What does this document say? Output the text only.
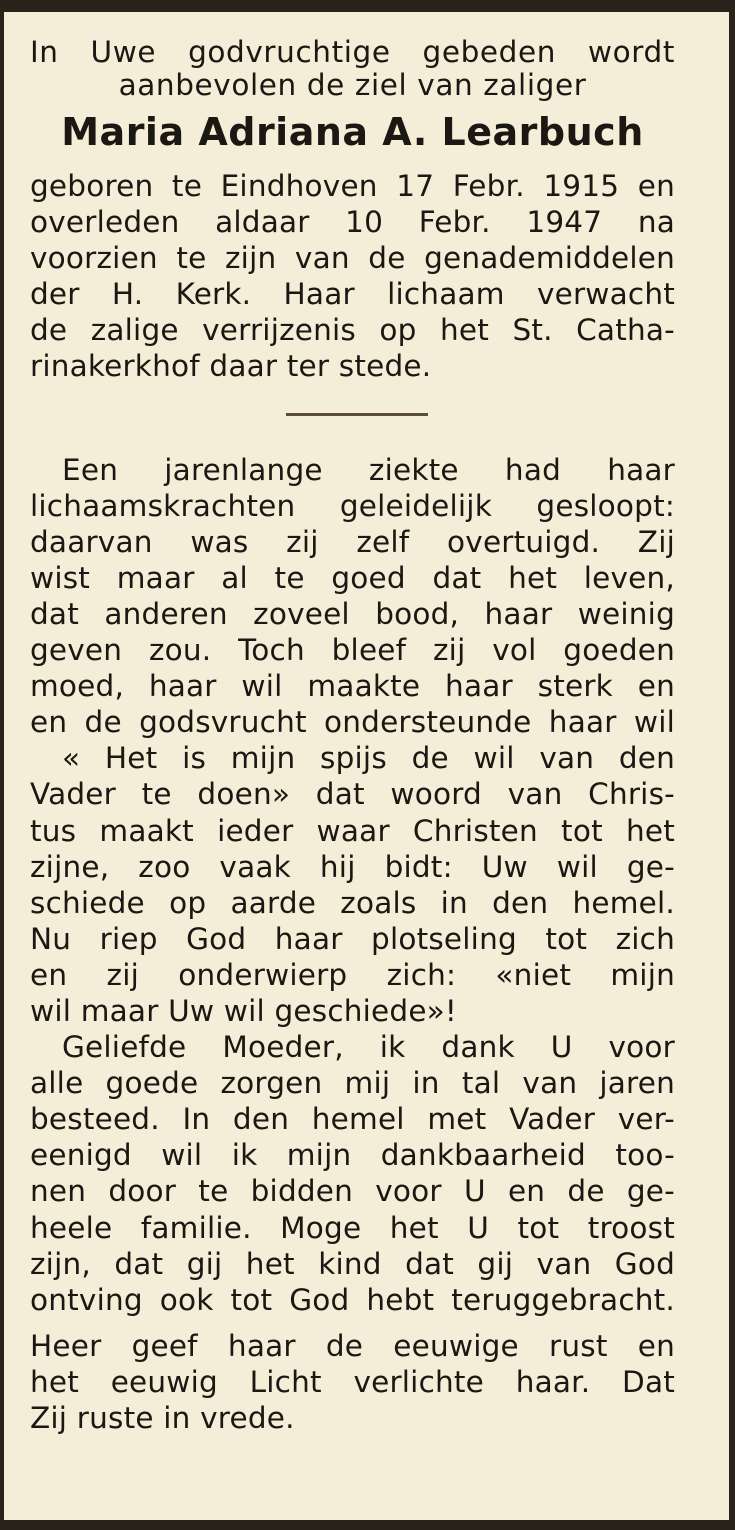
In Uwe godvruchtige gebeden wordt
aanbevolen de ziel van zaliger
Maria Adriana A. Learbuch
geboren te Eindhoven 17 Febr. 1915 en
overleden aldaar 10 Febr. 1947 na
voorzien te zijn van de genademiddelen
der H. Kerk. Haar lichaam verwacht
de zalige verrijzenis op het St. Catha-
rinakerkhof daar ter stede.
Een jarenlange ziekte had haar
lichaamskrachten geleidelijk gesloopt:
daarvan was zij zelf overtuigd. Zij
wist maar al te goed dat het leven,
dat anderen zoveel bood, haar weinig
geven zou. Toch bleef zij vol goeden
moed, haar wil maakte haar sterk en
en de godsvrucht ondersteunde haar wil
« Het is mijn spijs de wil van den
Vader te doen» dat woord van Chris-
tus maakt ieder waar Christen tot het
zijne, zoo vaak hij bidt: Uw wil ge-
schiede op aarde zoals in den hemel.
Nu riep God haar plotseling tot zich
en zij onderwierp zich: «niet mijn
wil maar Uw wil geschiede»!
Geliefde Moeder, ik dank U voor
alle goede zorgen mij in tal van jaren
besteed. In den hemel met Vader ver-
eenigd wil ik mijn dankbaarheid too-
nen door te bidden voor U en de ge-
heele familie. Moge het U tot troost
zijn, dat gij het kind dat gij van God
ontving ook tot God hebt teruggebracht.
Heer geef haar de eeuwige rust en
het eeuwig Licht verlichte haar. Dat
Zij ruste in vrede.
